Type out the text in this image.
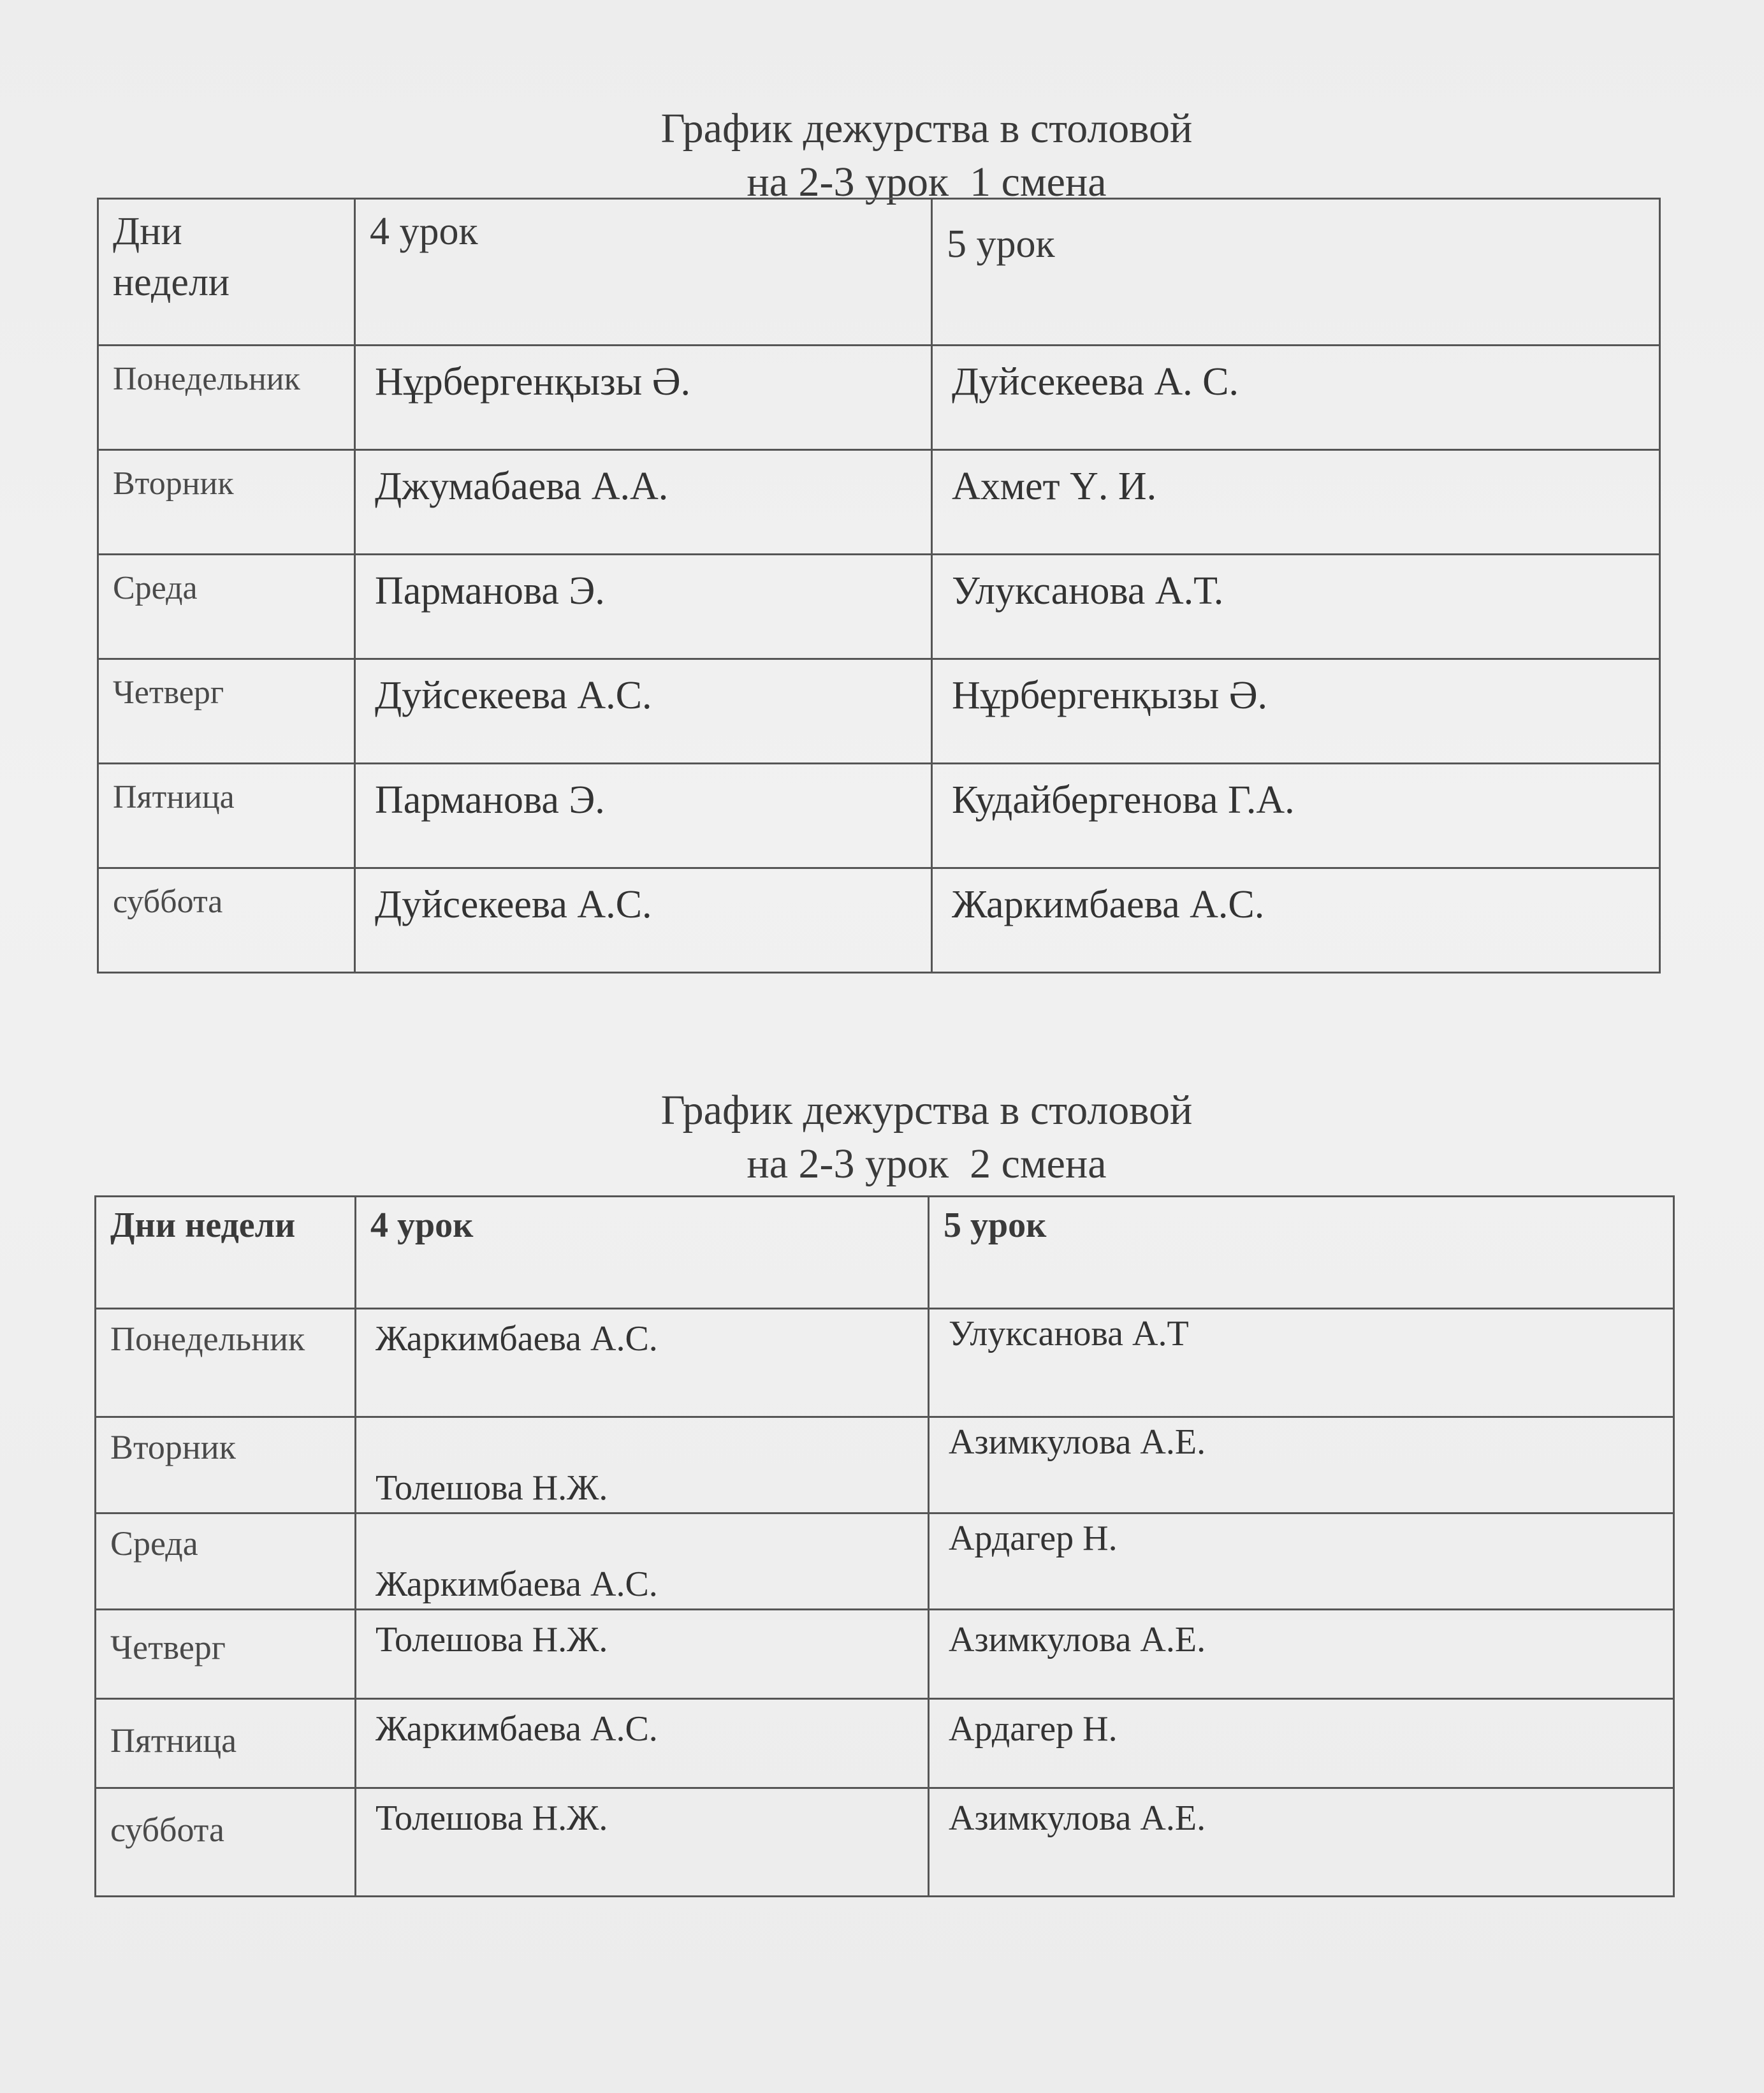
График дежурства в столовой
на 2-3 урок  1 смена
Дни
недели	4 урок	5 урок

Понедельник	Нұрбергенқызы Ә.	Дуйсекеева А. С.

Вторник	Джумабаева А.А.	Ахмет Ү. И.

Среда	Парманова Э.	Улуксанова А.Т.

Четверг	Дуйсекеева А.С.	Нұрбергенқызы Ә.

Пятница	Парманова Э.	Кудайбергенова Г.А.

суббота	Дуйсекеева А.С.	Жаркимбаева А.С.
График дежурства в столовой
на 2-3 урок  2 смена
Дни недели	4 урок	5 урок

Понедельник	Жаркимбаева А.С.	Улуксанова А.Т

Вторник	Толешова Н.Ж.	Азимкулова А.Е.

Среда	Жаркимбаева А.С.	Ардагер Н.

Четверг	Толешова Н.Ж.	Азимкулова А.Е.

Пятница	Жаркимбаева А.С.	Ардагер Н.

суббота	Толешова Н.Ж.	Азимкулова А.Е.
